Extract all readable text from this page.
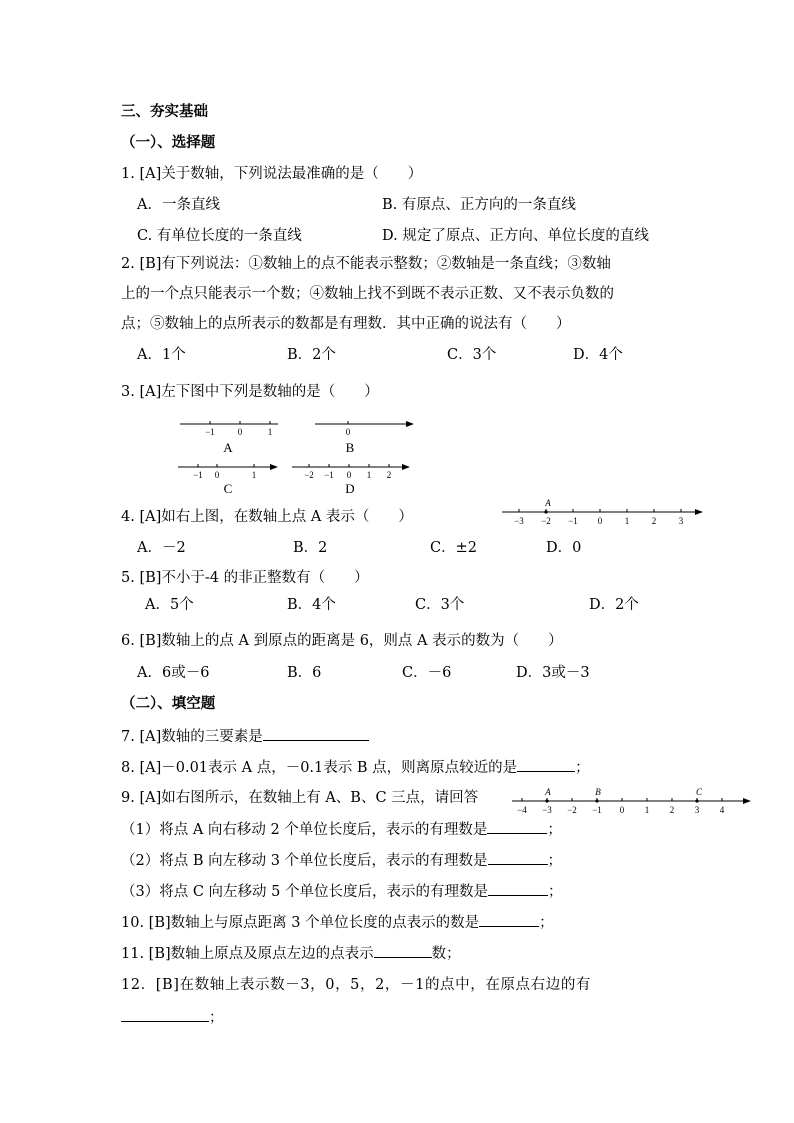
三、夯实基础
（一）、选择题
1. [A]关于数轴，下列说法最准确的是（　　）
A．一条直线	B. 有原点、正方向的一条直线
C. 有单位长度的一条直线	D. 规定了原点、正方向、单位长度的直线
2. [B]有下列说法：①数轴上的点不能表示整数；②数轴是一条直线；③数轴
上的一个点只能表示一个数；④数轴上找不到既不表示正数、又不表示负数的
点；⑤数轴上的点所表示的数都是有理数．其中正确的说法有（　　）
A．1个	B．2个	C．3个	D．4个
3. [A]左下图中下列是数轴的是（　　）
−1	0	1
A
0
B
−1 0	1
C
−2 −1 0 1 2
D
4. [A]如右上图，在数轴上点 A 表示（　　）
A
−3 −2 −1 0	1	2	3
A．－2	B．2	C．±2	D．0
5. [B]不小于-4 的非正整数有（　　）
A．5个	B．4个	C．3个	D．2个
6. [B]数轴上的点 A 到原点的距离是 6，则点 A 表示的数为（　　）
A．6或－6	B．6	C．－6	D．3或－3
（二）、填空题
7. [A]数轴的三要素是
8. [A]－0.01表示 A 点，－0.1表示 B 点，则离原点较近的是	；
9. [A]如右图所示，在数轴上有 A、B、C 三点，请回答	A	B	C
−4 −3 −2 −1 0 1 2 3 4
（1）将点 A 向右移动 2 个单位长度后，表示的有理数是	；
（2）将点 B 向左移动 3 个单位长度后，表示的有理数是	；
（3）将点 C 向左移动 5 个单位长度后，表示的有理数是	；
10. [B]数轴上与原点距离 3 个单位长度的点表示的数是	；
11. [B]数轴上原点及原点左边的点表示	数；
12．[B]在数轴上表示数－3，0，5，2，－1的点中，在原点右边的有
；
